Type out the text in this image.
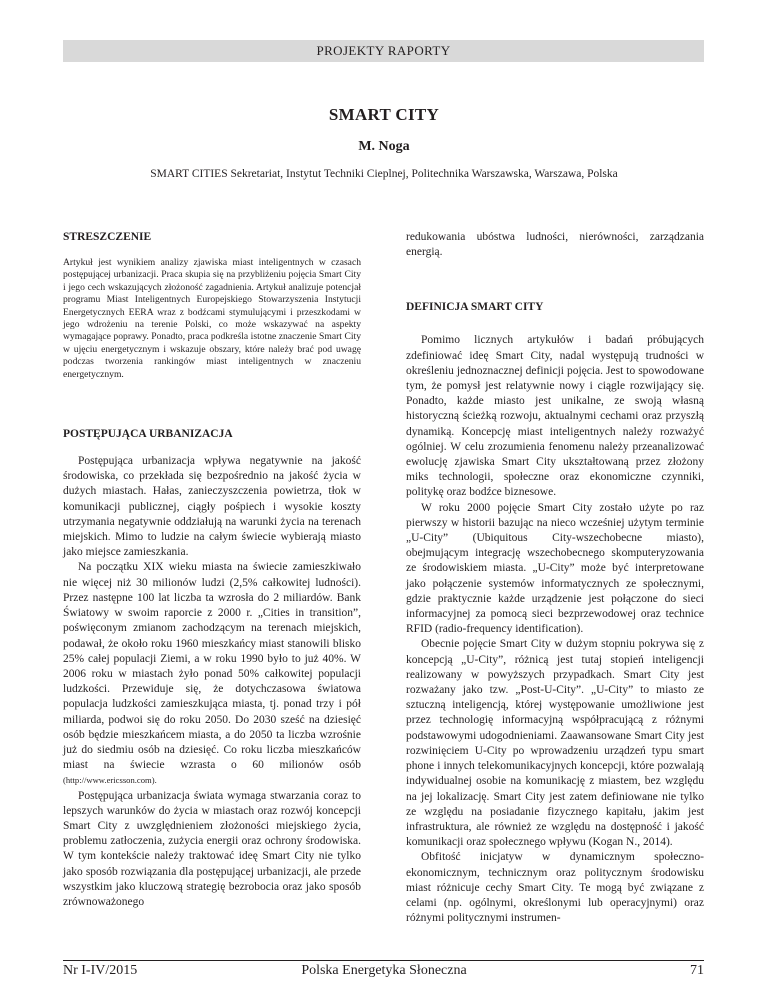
PROJEKTY RAPORTY
SMART CITY
M. Noga
SMART CITIES Sekretariat, Instytut Techniki Cieplnej, Politechnika Warszawska, Warszawa, Polska
STRESZCZENIE

Artykuł jest wynikiem analizy zjawiska miast inteligentnych w czasach postępującej urbanizacji. Praca skupia się na przybliżeniu pojęcia Smart City i jego cech wskazujących złożoność zagadnienia. Artykuł analizuje potencjał programu Miast Inteligentnych Europejskiego Stowarzyszenia Instytucji Energetycznych EERA wraz z bodźcami stymulującymi i przeszkodami w jego wdrożeniu na terenie Polski, co może wskazywać na aspekty wymagające poprawy. Ponadto, praca podkreśla istotne znaczenie Smart City w ujęciu energetycznym i wskazuje obszary, które należy brać pod uwagę podczas tworzenia rankingów miast inteligentnych w znaczeniu energetycznym.

POSTĘPUJĄCA URBANIZACJA

Postępująca urbanizacja wpływa negatywnie na jakość środowiska, co przekłada się bezpośrednio na jakość życia w dużych miastach. Hałas, zanieczyszczenia powietrza, tłok w komunikacji publicznej, ciągły pośpiech i wysokie koszty utrzymania negatywnie oddziałują na warunki życia na terenach miejskich. Mimo to ludzie na całym świecie wybierają miasto jako miejsce zamieszkania.

Na początku XIX wieku miasta na świecie zamieszkiwało nie więcej niż 30 milionów ludzi (2,5% całkowitej ludności). Przez następne 100 lat liczba ta wzrosła do 2 miliardów. Bank Światowy w swoim raporcie z 2000 r. „Cities in transition”, poświęconym zmianom zachodzącym na terenach miejskich, podawał, że około roku 1960 mieszkańcy miast stanowili blisko 25% całej populacji Ziemi, a w roku 1990 było to już 40%. W 2006 roku w miastach żyło ponad 50% całkowitej populacji ludzkości. Przewiduje się, że dotychczasowa światowa populacja ludzkości zamieszkująca miasta, tj. ponad trzy i pół miliarda, podwoi się do roku 2050. Do 2030 sześć na dziesięć osób będzie mieszkańcem miasta, a do 2050 ta liczba wzrośnie już do siedmiu osób na dziesięć. Co roku liczba mieszkańców miast na świecie wzrasta o 60 milionów osób (http://www.ericsson.com).

Postępująca urbanizacja świata wymaga stwarzania coraz to lepszych warunków do życia w miastach oraz rozwój koncepcji Smart City z uwzględnieniem złożoności miejskiego życia, problemu zatłoczenia, zużycia energii oraz ochrony środowiska. W tym kontekście należy traktować ideę Smart City nie tylko jako sposób rozwiązania dla postępującej urbanizacji, ale przede wszystkim jako kluczową strategię bezrobocia oraz jako sposób zrównoważonego

redukowania ubóstwa ludności, nierówności, zarządzania energią.

DEFINICJA SMART CITY

Pomimo licznych artykułów i badań próbujących zdefiniować ideę Smart City, nadal występują trudności w określeniu jednoznacznej definicji pojęcia. Jest to spowodowane tym, że pomysł jest relatywnie nowy i ciągle rozwijający się. Ponadto, każde miasto jest unikalne, ze swoją własną historyczną ścieżką rozwoju, aktualnymi cechami oraz przyszłą dynamiką. Koncepcję miast inteligentnych należy rozważyć ogólniej. W celu zrozumienia fenomenu należy przeanalizować ewolucję zjawiska Smart City ukształtowaną przez złożony miks technologii, społeczne oraz ekonomiczne czynniki, politykę oraz bodźce biznesowe.

W roku 2000 pojęcie Smart City zostało użyte po raz pierwszy w historii bazując na nieco wcześniej użytym terminie „U-City” (Ubiquitous City-wszechobecne miasto), obejmującym integrację wszechobecnego skomputeryzowania ze środowiskiem miasta. „U-City” może być interpretowane jako połączenie systemów informatycznych ze społecznymi, gdzie praktycznie każde urządzenie jest połączone do sieci informacyjnej za pomocą sieci bezprzewodowej oraz technice RFID (radio-frequency identification).

Obecnie pojęcie Smart City w dużym stopniu pokrywa się z koncepcją „U-City”, różnicą jest tutaj stopień inteligencji realizowany w powyższych przypadkach. Smart City jest rozważany jako tzw. „Post-U-City”. „U-City” to miasto ze sztuczną inteligencją, której występowanie umożliwione jest przez technologię informacyjną współpracującą z różnymi podstawowymi udogodnieniami. Zaawansowane Smart City jest rozwinięciem U-City po wprowadzeniu urządzeń typu smart phone i innych telekomunikacyjnych koncepcji, które pozwalają indywidualnej osobie na komunikację z miastem, bez względu na jej lokalizację. Smart City jest zatem definiowane nie tylko ze względu na posiadanie fizycznego kapitału, jakim jest infrastruktura, ale również ze względu na dostępność i jakość komunikacji oraz społecznego wpływu (Kogan N., 2014).

Obfitość inicjatyw w dynamicznym społeczno-ekonomicznym, technicznym oraz politycznym środowisku miast różnicuje cechy Smart City. Te mogą być związane z celami (np. ogólnymi, określonymi lub operacyjnymi) oraz różnymi politycznymi instrumen-

Nr I-IV/2015	Polska Energetyka Słoneczna	71
